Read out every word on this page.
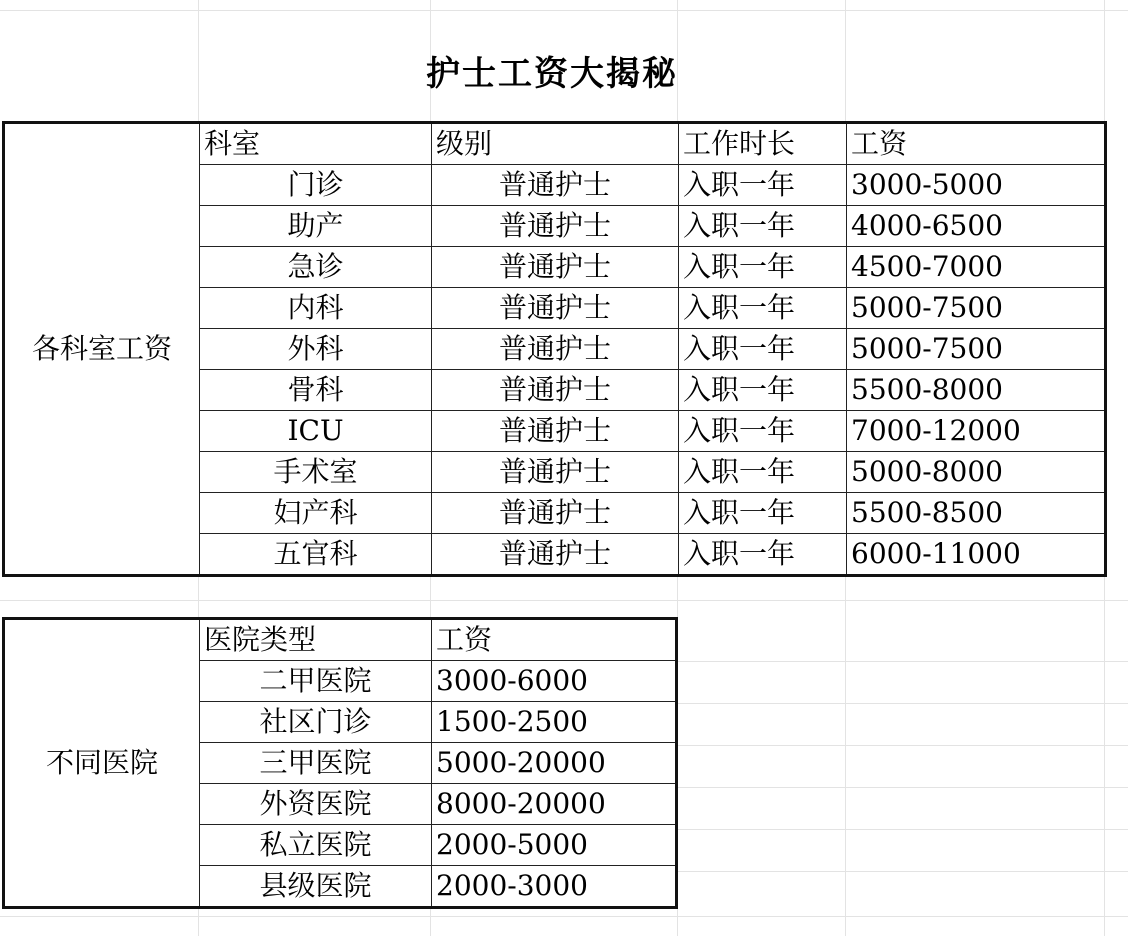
护士工资大揭秘
各科室工资	科室	级别	工作时长	工资
	门诊	普通护士	入职一年	3000-5000
	助产	普通护士	入职一年	4000-6500
	急诊	普通护士	入职一年	4500-7000
	内科	普通护士	入职一年	5000-7500
	外科	普通护士	入职一年	5000-7500
	骨科	普通护士	入职一年	5500-8000
	ICU	普通护士	入职一年	7000-12000
	手术室	普通护士	入职一年	5000-8000
	妇产科	普通护士	入职一年	5500-8500
	五官科	普通护士	入职一年	6000-11000
不同医院	医院类型	工资
	二甲医院	3000-6000
	社区门诊	1500-2500
	三甲医院	5000-20000
	外资医院	8000-20000
	私立医院	2000-5000
	县级医院	2000-3000
